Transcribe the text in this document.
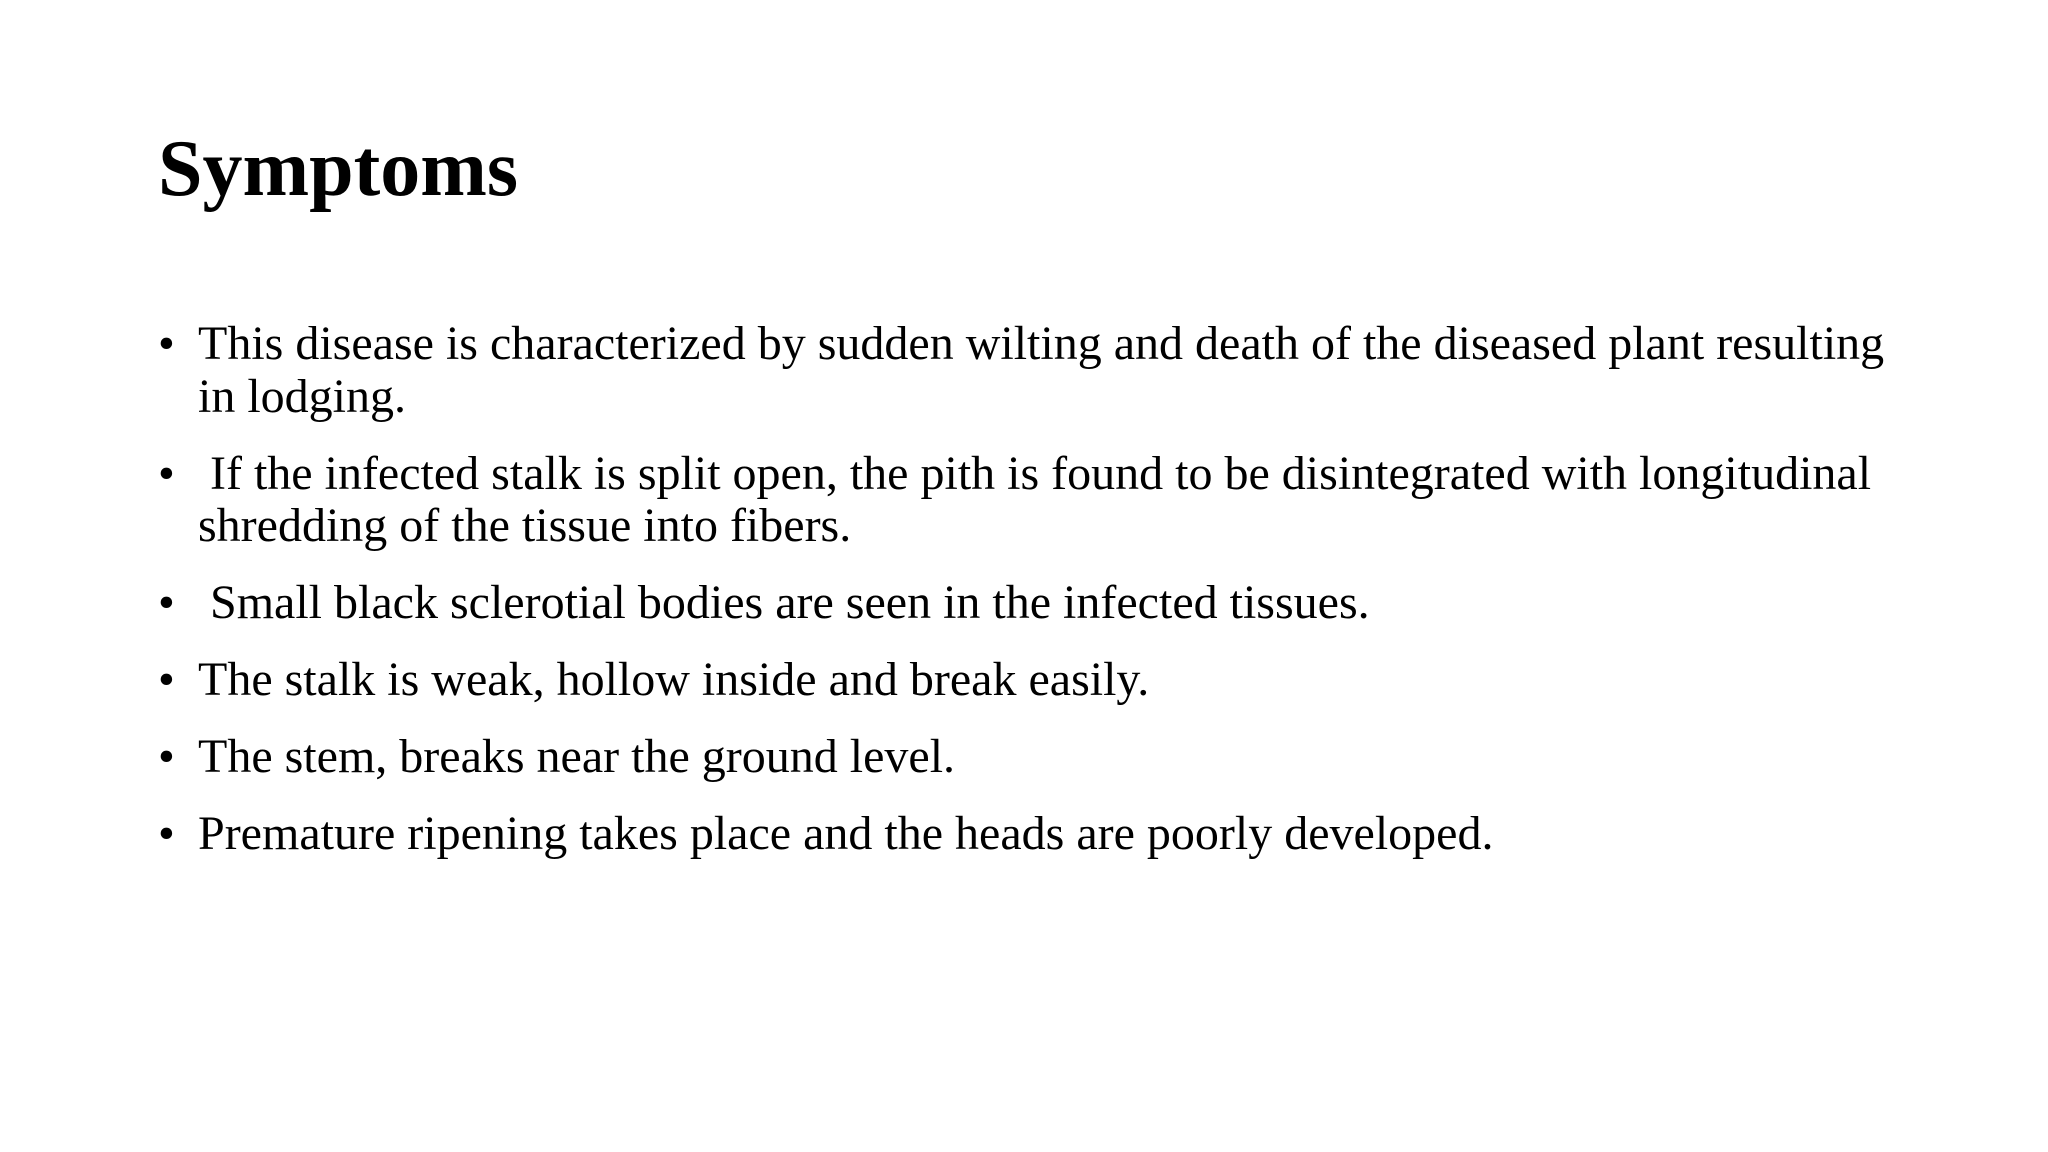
Symptoms
• This disease is characterized by sudden wilting and death of the diseased plant resulting in lodging.
• If the infected stalk is split open, the pith is found to be disintegrated with longitudinal shredding of the tissue into fibers.
• Small black sclerotial bodies are seen in the infected tissues.
• The stalk is weak, hollow inside and break easily.
• The stem, breaks near the ground level.
• Premature ripening takes place and the heads are poorly developed.
